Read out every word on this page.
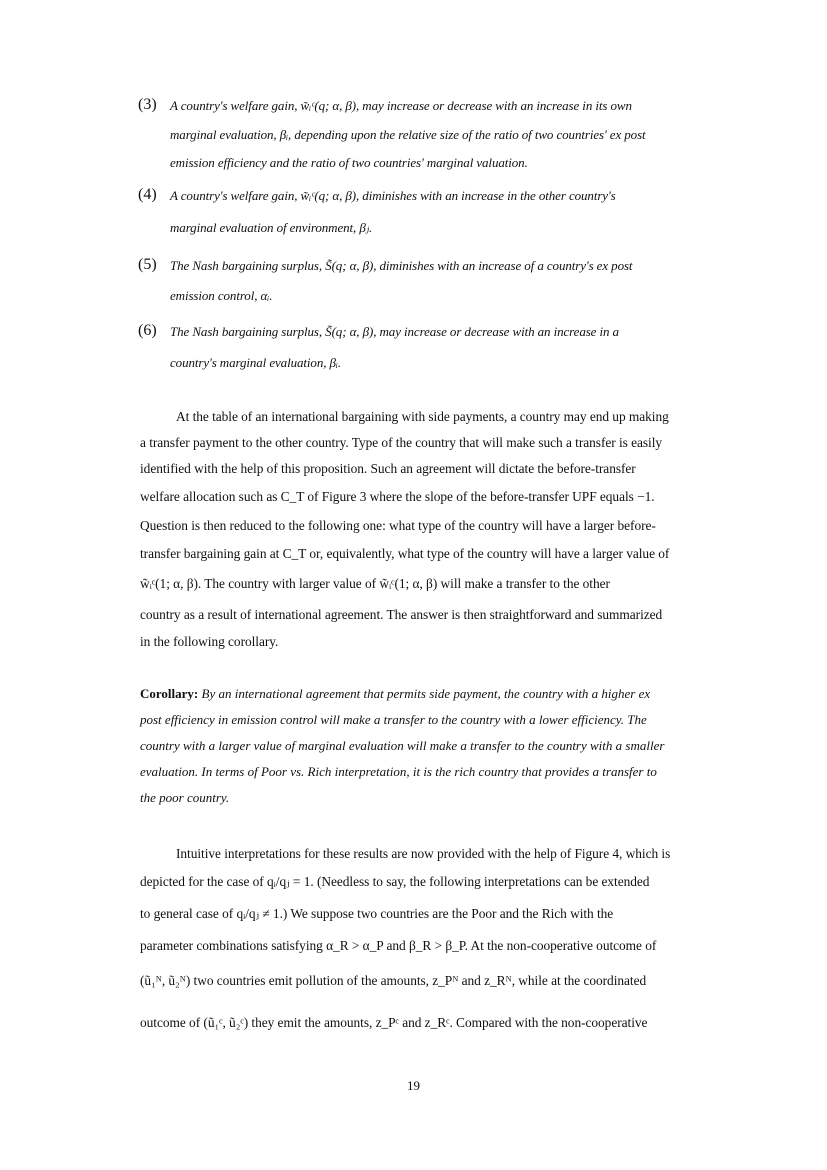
(3)	A country's welfare gain, w̃ᵢᶜ(q; α, β), may increase or decrease with an increase in its own
marginal evaluation, βᵢ, depending upon the relative size of the ratio of two countries' ex post
emission efficiency and the ratio of two countries' marginal valuation.
(4)	A country's welfare gain, w̃ᵢᶜ(q; α, β), diminishes with an increase in the other country's
marginal evaluation of environment, βⱼ.
(5)	The Nash bargaining surplus, S̃(q; α, β), diminishes with an increase of a country's ex post
emission control, αᵢ.
(6)	The Nash bargaining surplus, S̃(q; α, β), may increase or decrease with an increase in a
country's marginal evaluation, βᵢ.
At the table of an international bargaining with side payments, a country may end up making
a transfer payment to the other country. Type of the country that will make such a transfer is easily
identified with the help of this proposition. Such an agreement will dictate the before-transfer
welfare allocation such as C_T of Figure 3 where the slope of the before-transfer UPF equals −1.
Question is then reduced to the following one: what type of the country will have a larger before-
transfer bargaining gain at C_T or, equivalently, what type of the country will have a larger value of
w̃ᵢᶜ(1; α, β). The country with larger value of w̃ᵢᶜ(1; α, β) will make a transfer to the other
country as a result of international agreement. The answer is then straightforward and summarized
in the following corollary.
Corollary: By an international agreement that permits side payment, the country with a higher ex
post efficiency in emission control will make a transfer to the country with a lower efficiency. The
country with a larger value of marginal evaluation will make a transfer to the country with a smaller
evaluation. In terms of Poor vs. Rich interpretation, it is the rich country that provides a transfer to
the poor country.
Intuitive interpretations for these results are now provided with the help of Figure 4, which is
depicted for the case of qᵢ/qⱼ = 1. (Needless to say, the following interpretations can be extended
to general case of qᵢ/qⱼ ≠ 1.) We suppose two countries are the Poor and the Rich with the
parameter combinations satisfying α_R > α_P and β_R > β_P. At the non-cooperative outcome of
(ũ₁ᴺ, ũ₂ᴺ) two countries emit pollution of the amounts, z_Pᴺ and z_Rᴺ, while at the coordinated
outcome of (ũ₁ᶜ, ũ₂ᶜ) they emit the amounts, z_Pᶜ and z_Rᶜ. Compared with the non-cooperative
19
